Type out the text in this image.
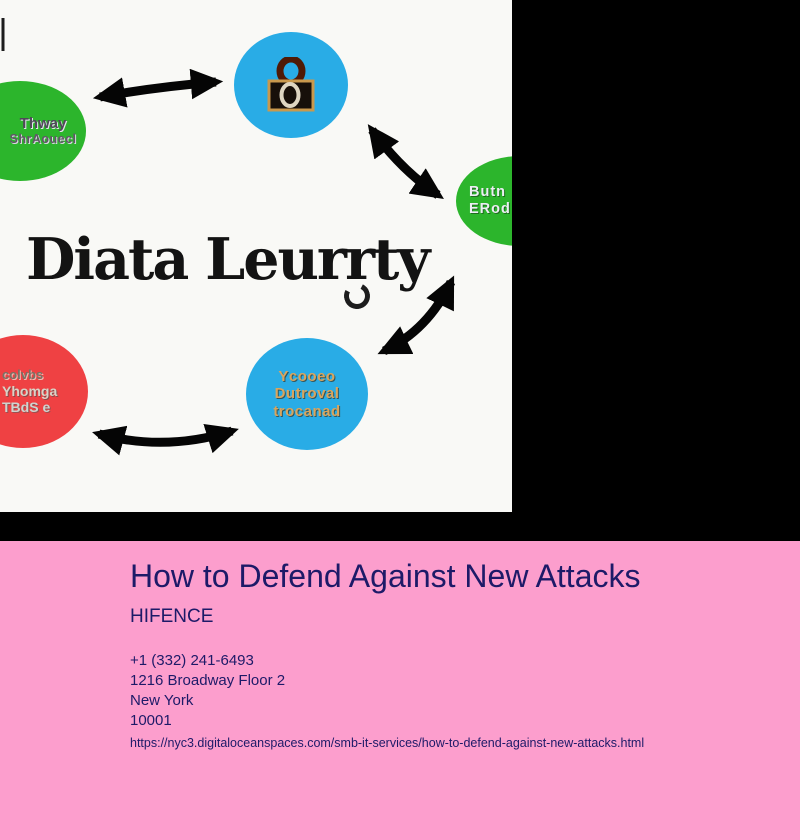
Thway
ShrAouecl
Butn
ERod
colvbs
Yhomga
TBdS e
Ycooeo
Dutroval
trocanad
Diata Leurrty
How to Defend Against New Attacks
HIFENCE
+1 (332) 241-6493
1216 Broadway Floor 2
New York
10001
https://nyc3.digitaloceanspaces.com/smb-it-services/how-to-defend-against-new-attacks.html
